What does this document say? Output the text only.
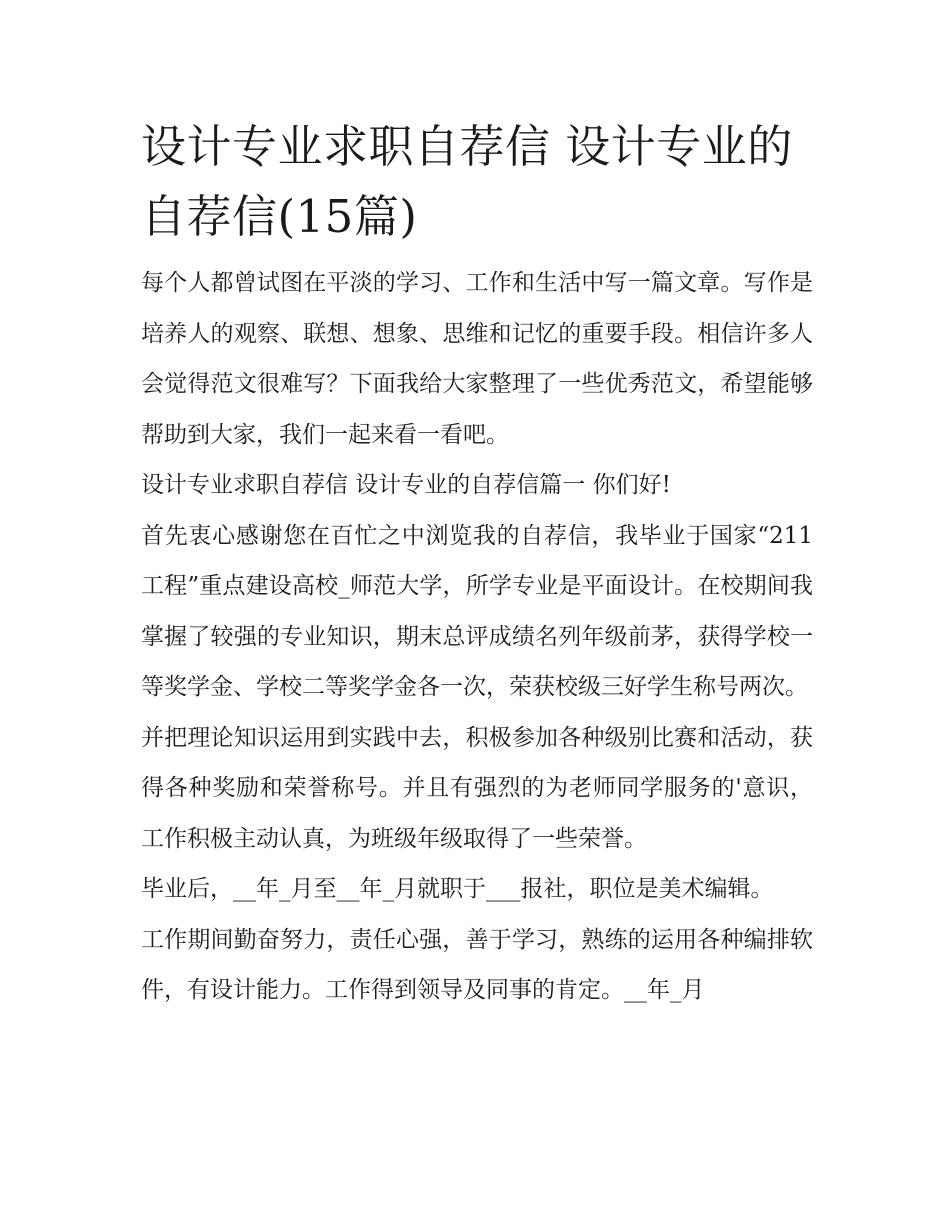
设计专业求职自荐信 设计专业的自荐信(15篇)

每个人都曾试图在平淡的学习、工作和生活中写一篇文章。写作是培养人的观察、联想、想象、思维和记忆的重要手段。相信许多人会觉得范文很难写？下面我给大家整理了一些优秀范文，希望能够帮助到大家，我们一起来看一看吧。

设计专业求职自荐信 设计专业的自荐信篇一 你们好!

首先衷心感谢您在百忙之中浏览我的自荐信，我毕业于国家“211工程”重点建设高校_师范大学，所学专业是平面设计。在校期间我掌握了较强的专业知识，期末总评成绩名列年级前茅，获得学校一等奖学金、学校二等奖学金各一次，荣获校级三好学生称号两次。

并把理论知识运用到实践中去，积极参加各种级别比赛和活动，获得各种奖励和荣誉称号。并且有强烈的为老师同学服务的'意识，工作积极主动认真，为班级年级取得了一些荣誉。

毕业后，__年_月至__年_月就职于___报社，职位是美术编辑。

工作期间勤奋努力，责任心强，善于学习，熟练的运用各种编排软件，有设计能力。工作得到领导及同事的肯定。__年_月
